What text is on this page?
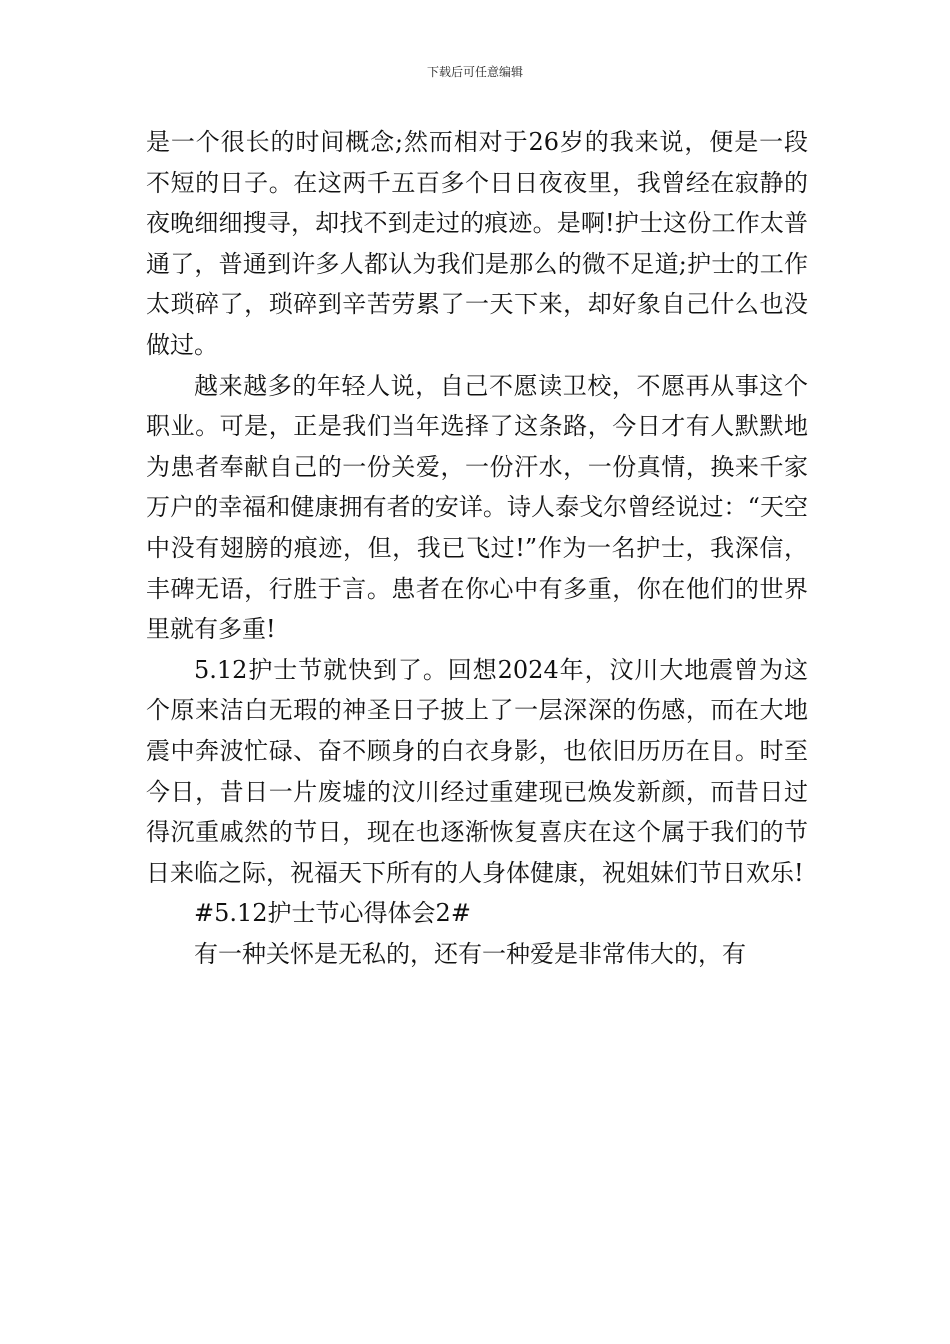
下载后可任意编辑

是一个很长的时间概念;然而相对于26岁的我来说，便是一段不短的日子。在这两千五百多个日日夜夜里，我曾经在寂静的夜晚细细搜寻，却找不到走过的痕迹。是啊!护士这份工作太普通了，普通到许多人都认为我们是那么的微不足道;护士的工作太琐碎了，琐碎到辛苦劳累了一天下来，却好象自己什么也没做过。

越来越多的年轻人说，自己不愿读卫校，不愿再从事这个职业。可是，正是我们当年选择了这条路，今日才有人默默地为患者奉献自己的一份关爱，一份汗水，一份真情，换来千家万户的幸福和健康拥有者的安详。诗人泰戈尔曾经说过：“天空中没有翅膀的痕迹，但，我已飞过!”作为一名护士，我深信，丰碑无语，行胜于言。患者在你心中有多重，你在他们的世界里就有多重!

5.12护士节就快到了。回想2024年，汶川大地震曾为这个原来洁白无瑕的神圣日子披上了一层深深的伤感，而在大地震中奔波忙碌、奋不顾身的白衣身影，也依旧历历在目。时至今日，昔日一片废墟的汶川经过重建现已焕发新颜，而昔日过得沉重戚然的节日，现在也逐渐恢复喜庆在这个属于我们的节日来临之际，祝福天下所有的人身体健康，祝姐妹们节日欢乐!

#5.12护士节心得体会2#

有一种关怀是无私的，还有一种爱是非常伟大的，有
